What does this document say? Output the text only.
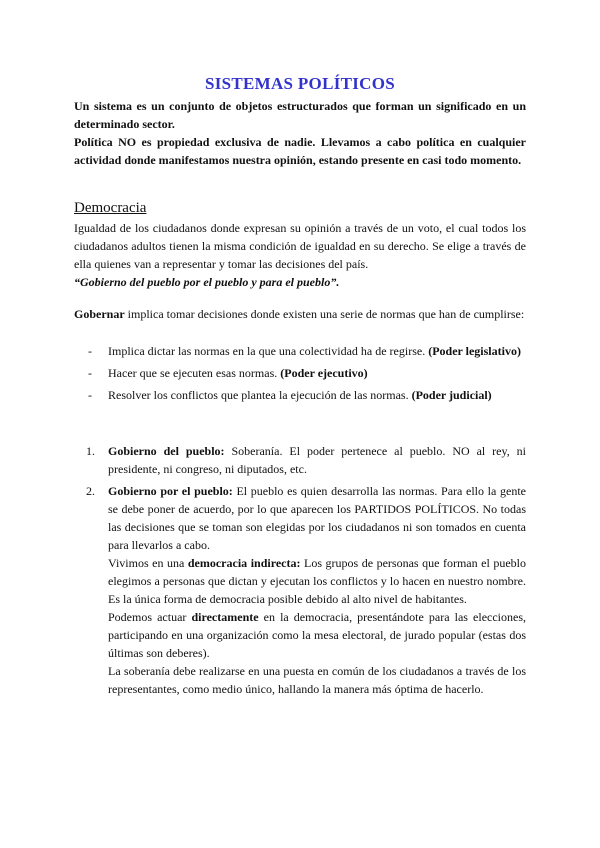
SISTEMAS POLÍTICOS

Un sistema es un conjunto de objetos estructurados que forman un significado en un determinado sector.

Política NO es propiedad exclusiva de nadie. Llevamos a cabo política en cualquier actividad donde manifestamos nuestra opinión, estando presente en casi todo momento.

Democracia

Igualdad de los ciudadanos donde expresan su opinión a través de un voto, el cual todos los ciudadanos adultos tienen la misma condición de igualdad en su derecho. Se elige a través de ella quienes van a representar y tomar las decisiones del país.

“Gobierno del pueblo por el pueblo y para el pueblo”.

Gobernar implica tomar decisiones donde existen una serie de normas que han de cumplirse:
- Implica dictar las normas en la que una colectividad ha de regirse. (Poder legislativo)
- Hacer que se ejecuten esas normas. (Poder ejecutivo)
- Resolver los conflictos que plantea la ejecución de las normas. (Poder judicial)
1. Gobierno del pueblo: Soberanía. El poder pertenece al pueblo. NO al rey, ni presidente, ni congreso, ni diputados, etc.

2. Gobierno por el pueblo: El pueblo es quien desarrolla las normas. Para ello la gente se debe poner de acuerdo, por lo que aparecen los PARTIDOS POLÍTICOS. No todas las decisiones que se toman son elegidas por los ciudadanos ni son tomados en cuenta para llevarlos a cabo.

Vivimos en una democracia indirecta: Los grupos de personas que forman el pueblo elegimos a personas que dictan y ejecutan los conflictos y lo hacen en nuestro nombre. Es la única forma de democracia posible debido al alto nivel de habitantes.

Podemos actuar directamente en la democracia, presentándote para las elecciones, participando en una organización como la mesa electoral, de jurado popular (estas dos últimas son deberes).

La soberanía debe realizarse en una puesta en común de los ciudadanos a través de los representantes, como medio único, hallando la manera más óptima de hacerlo.
